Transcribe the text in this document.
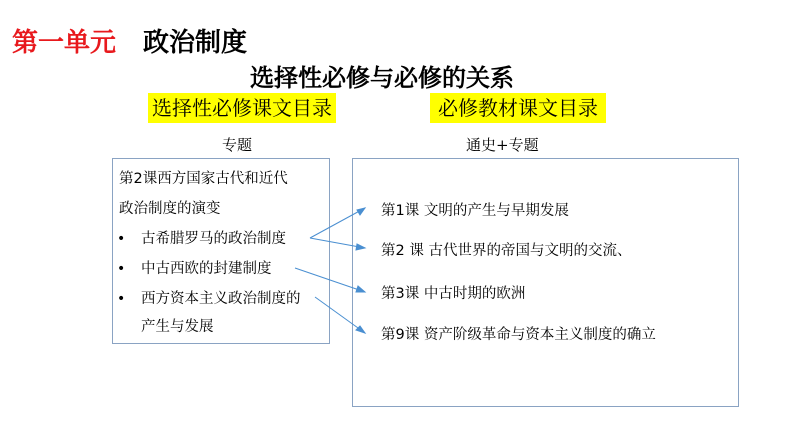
第一单元 政治制度
选择性必修与必修的关系
选择性必修课文目录	必修教材课文目录
专题	通史+专题
第2课西方国家古代和近代
政治制度的演变
• 古希腊罗马的政治制度
• 中古西欧的封建制度
• 西方资本主义政治制度的
产生与发展
第1课 文明的产生与早期发展
第2 课 古代世界的帝国与文明的交流、
第3课 中古时期的欧洲
第9课 资产阶级革命与资本主义制度的确立
